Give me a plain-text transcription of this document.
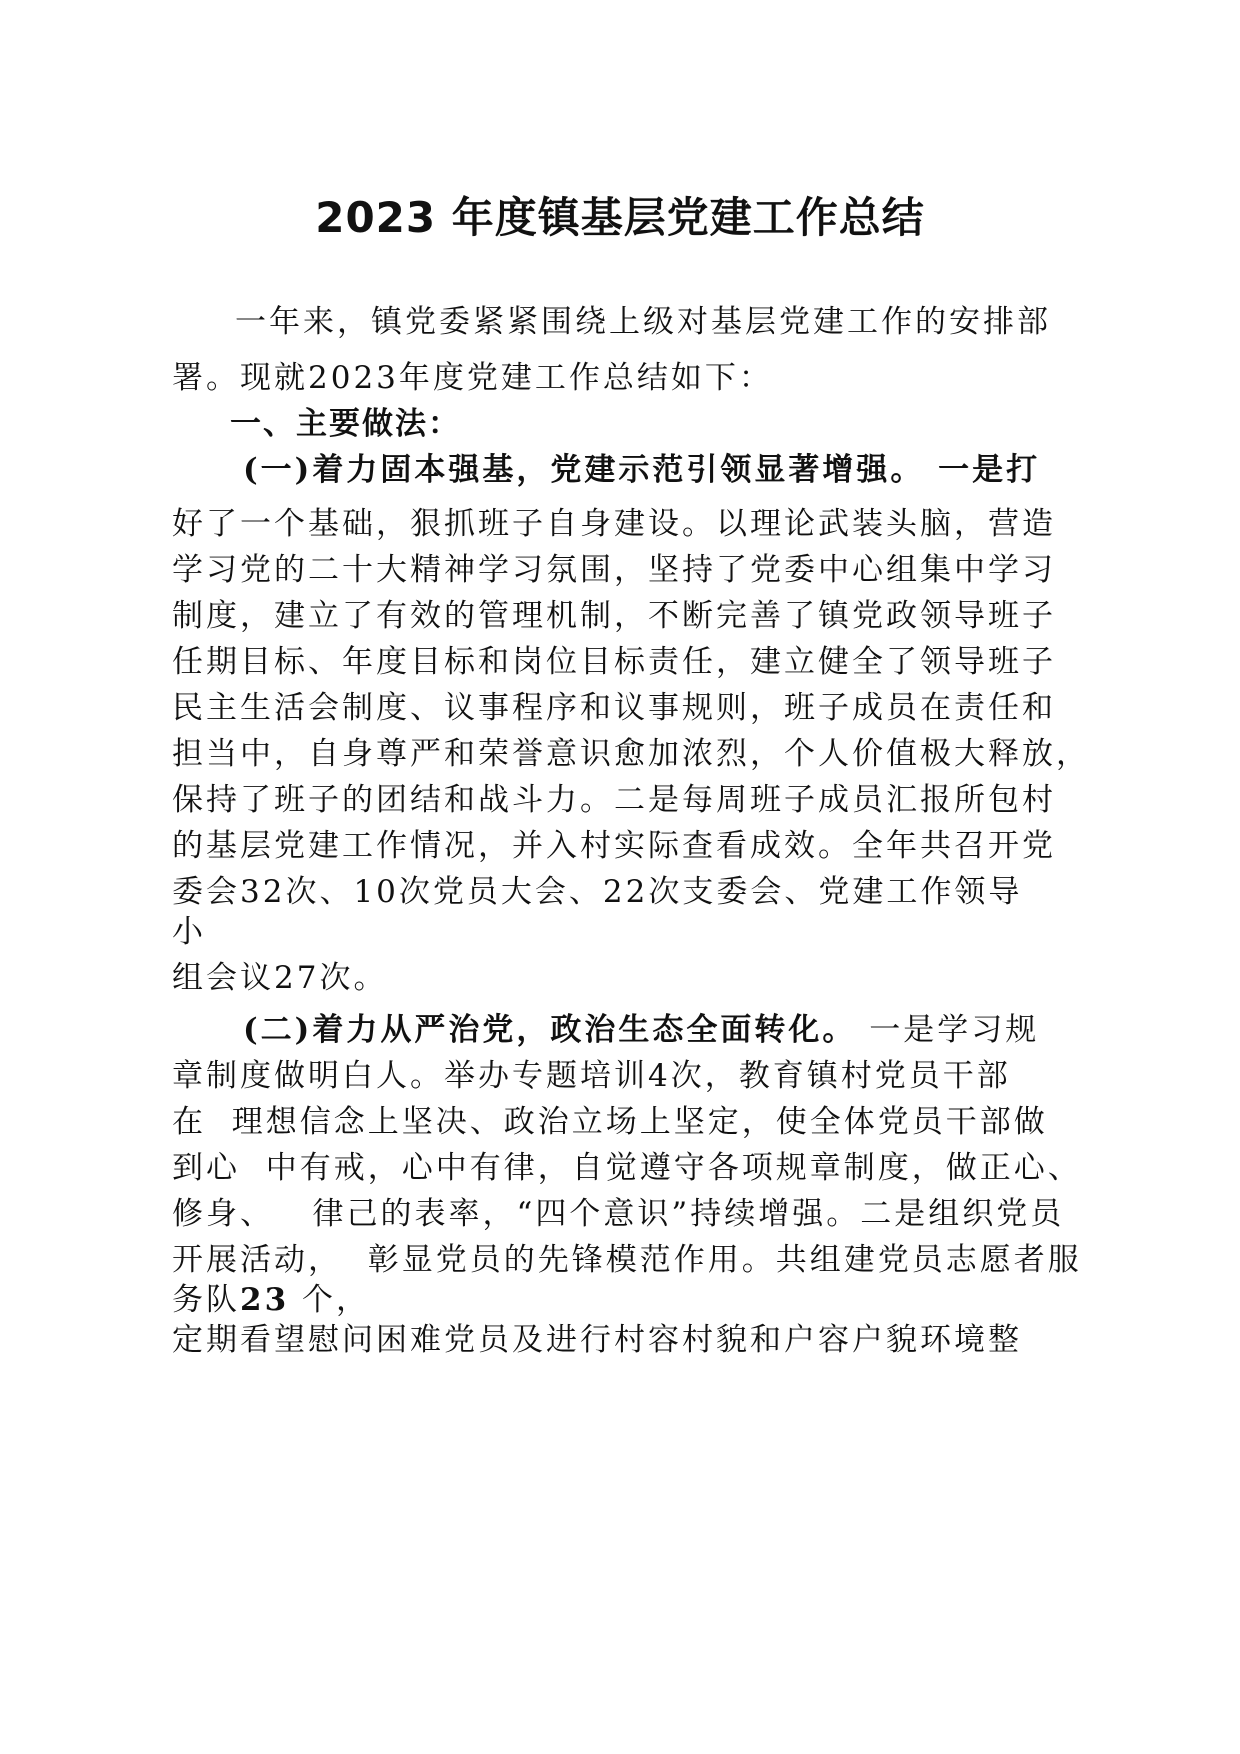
2023 年度镇基层党建工作总结
一年来，镇党委紧紧围绕上级对基层党建工作的安排部
署。现就2023年度党建工作总结如下：
一、主要做法：
(一)着力固本强基，党建示范引领显著增强。 一是打
好了一个基础，狠抓班子自身建设。以理论武装头脑，营造
学习党的二十大精神学习氛围，坚持了党委中心组集中学习
制度，建立了有效的管理机制，不断完善了镇党政领导班子
任期目标、年度目标和岗位目标责任，建立健全了领导班子
民主生活会制度、议事程序和议事规则，班子成员在责任和
担当中，自身尊严和荣誉意识愈加浓烈，个人价值极大释放，
保持了班子的团结和战斗力。二是每周班子成员汇报所包村
的基层党建工作情况，并入村实际查看成效。全年共召开党
委会32次、10次党员大会、22次支委会、党建工作领导
小
组会议27次。
(二)着力从严治党，政治生态全面转化。 一是学习规
章制度做明白人。举办专题培训4次，教育镇村党员干部
在  理想信念上坚决、政治立场上坚定，使全体党员干部做
到心  中有戒，心中有律，自觉遵守各项规章制度，做正心、
修身、   律己的表率，“四个意识”持续增强。二是组织党员
开展活动，  彰显党员的先锋模范作用。共组建党员志愿者服
务队23 个，
定期看望慰问困难党员及进行村容村貌和户容户貌环境整
